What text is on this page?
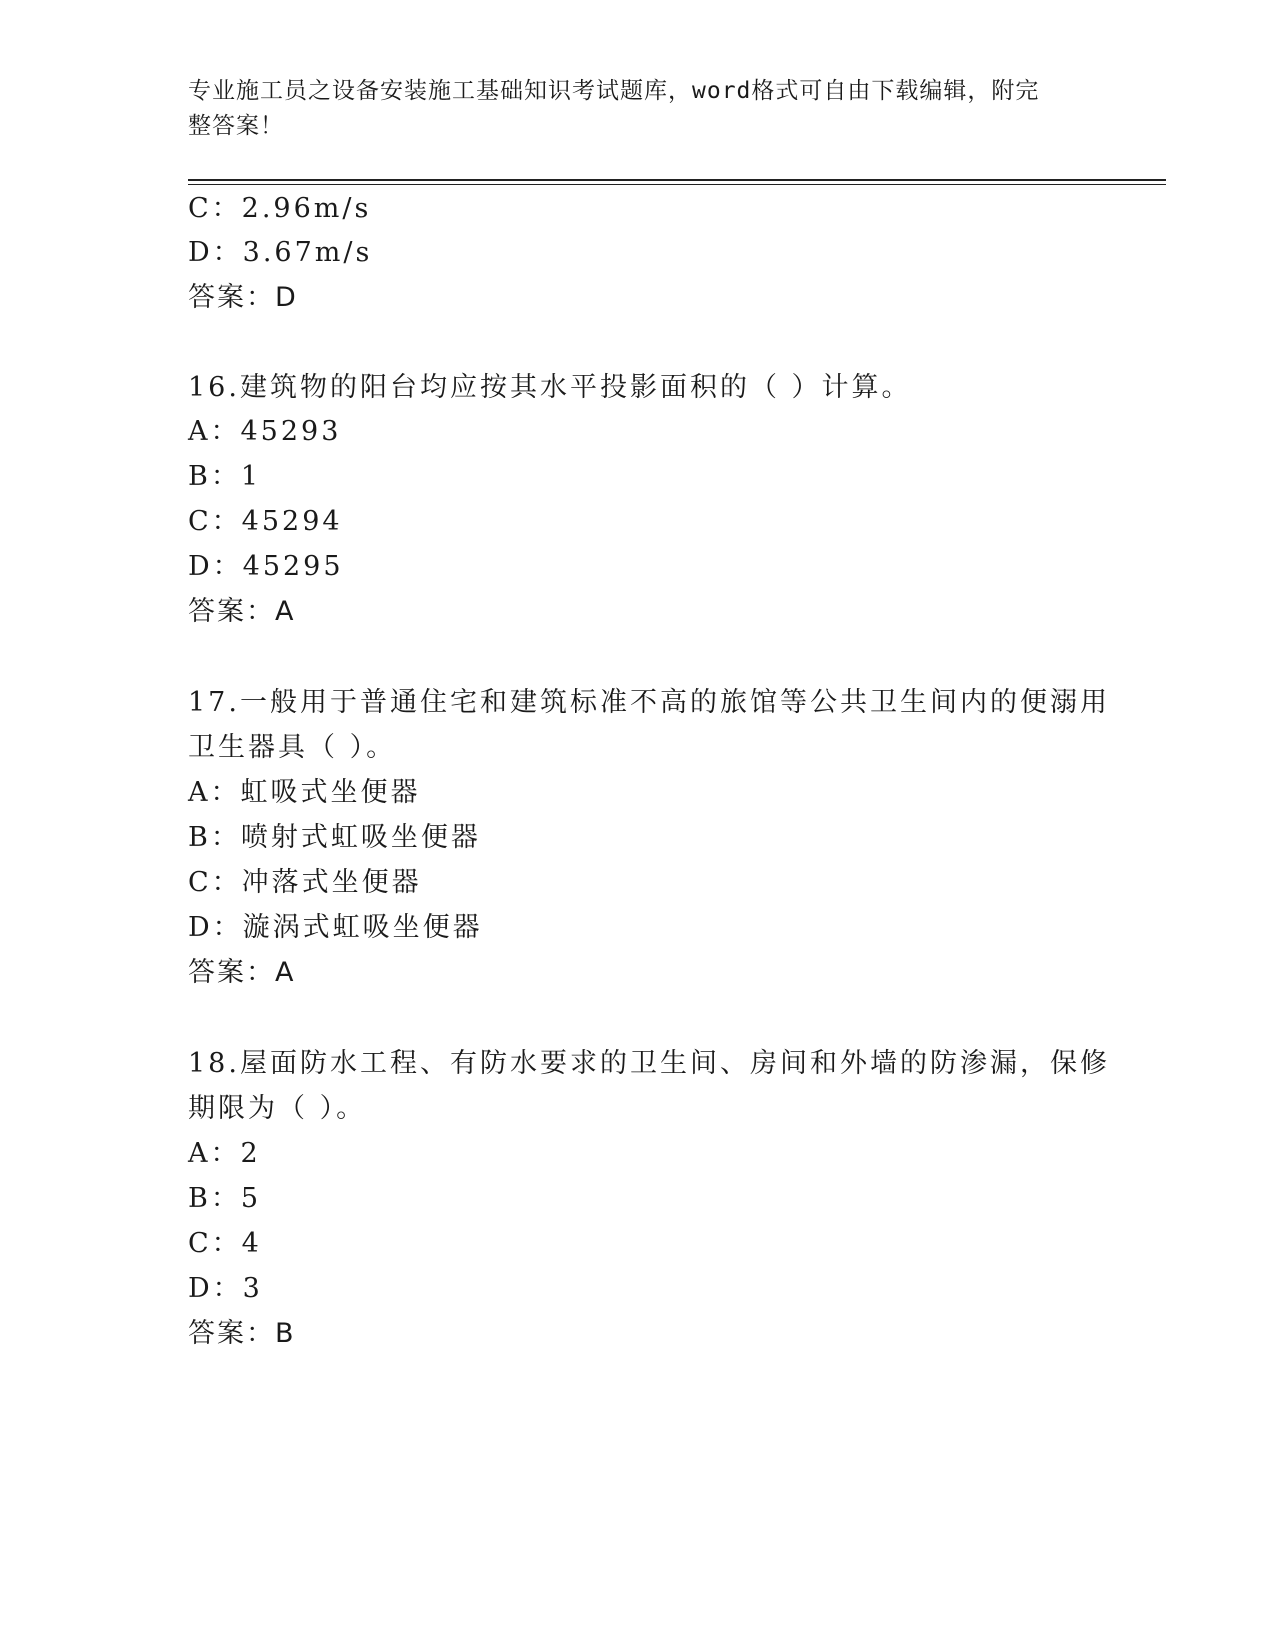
专业施工员之设备安装施工基础知识考试题库，word格式可自由下载编辑，附完
整答案！
C：2.96m/s
D：3.67m/s
答案：D
16.建筑物的阳台均应按其水平投影面积的（ ）计算。
A：45293
B：1
C：45294
D：45295
答案：A
17.一般用于普通住宅和建筑标准不高的旅馆等公共卫生间内的便溺用
卫生器具（ ）。
A：虹吸式坐便器
B：喷射式虹吸坐便器
C：冲落式坐便器
D：漩涡式虹吸坐便器
答案：A
18.屋面防水工程、有防水要求的卫生间、房间和外墙的防渗漏，保修
期限为（ ）。
A：2
B：5
C：4
D：3
答案：B
